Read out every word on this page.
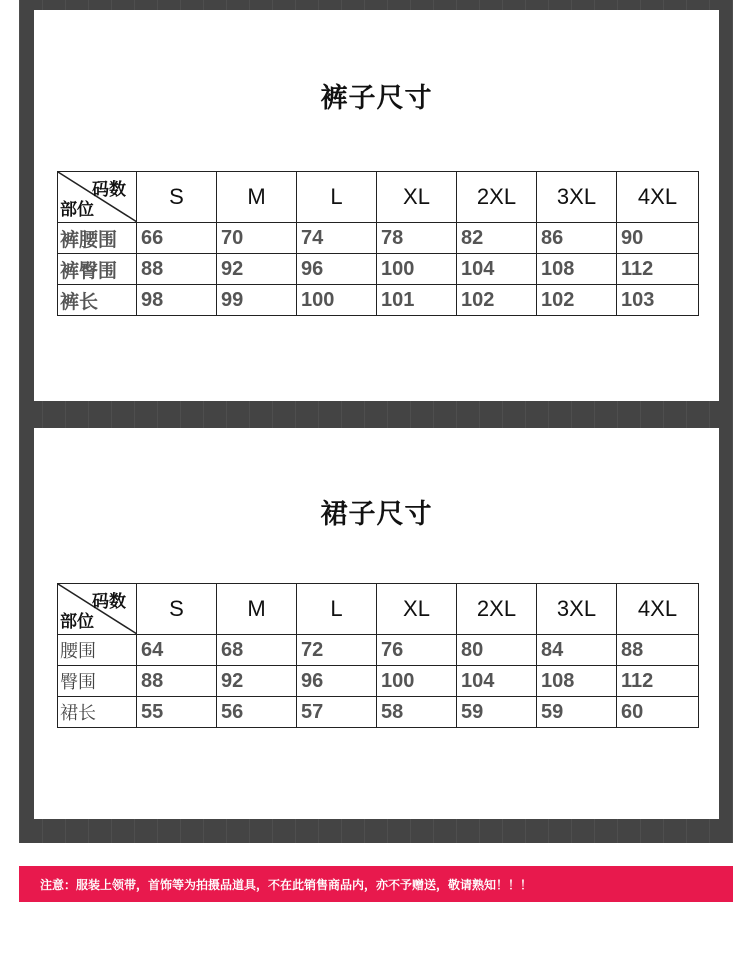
裤子尺寸
码数
部位	S	M	L	XL	2XL	3XL	4XL
裤腰围	66	70	74	78	82	86	90
裤臀围	88	92	96	100	104	108	112
裤长	98	99	100	101	102	102	103
裙子尺寸
码数
部位	S	M	L	XL	2XL	3XL	4XL
腰围	64	68	72	76	80	84	88
臀围	88	92	96	100	104	108	112
裙长	55	56	57	58	59	59	60
注意：服装上领带，首饰等为拍摄品道具，不在此销售商品内，亦不予赠送，敬请熟知！！！
